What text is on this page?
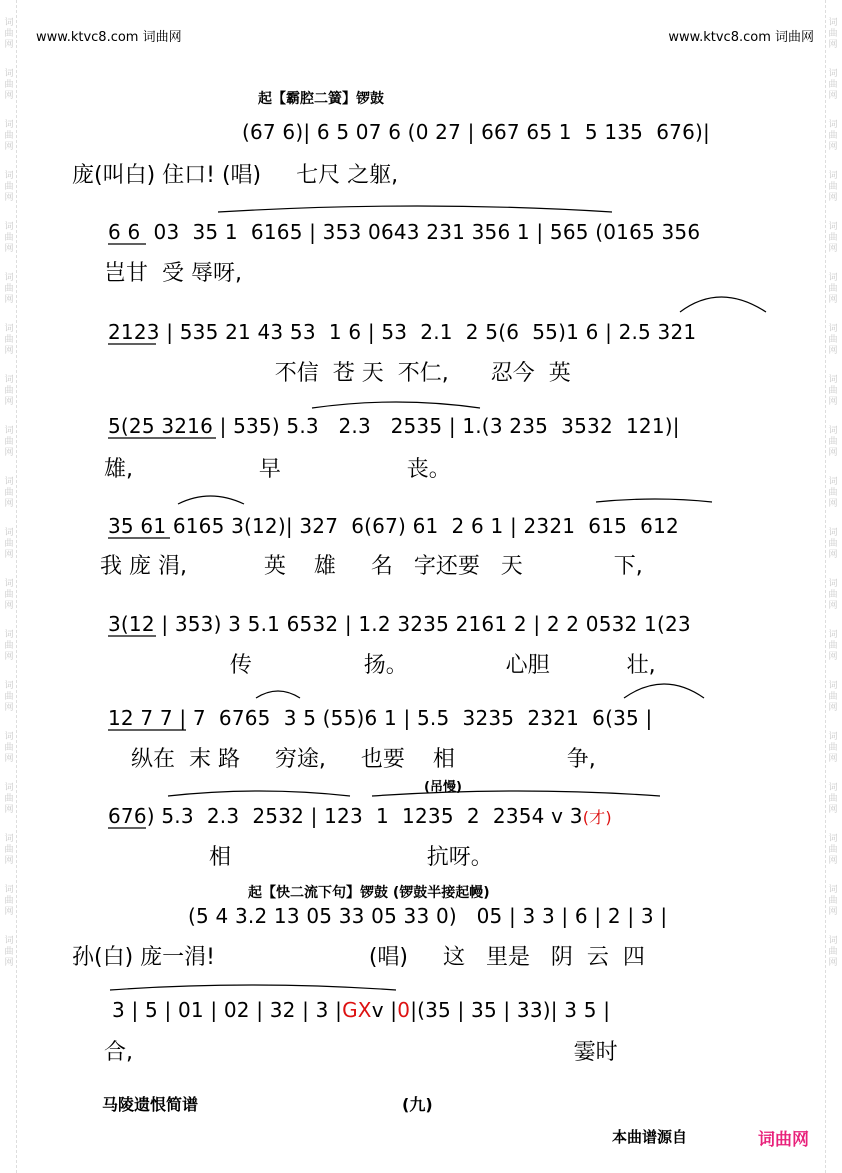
词
曲
网
词
曲
网
词
曲
网
词
曲
网
词
曲
网
词
曲
网
词
曲
网
词
曲
网
词
曲
网
词
曲
网
词
曲
网
词
曲
网
词
曲
网
词
曲
网
词
曲
网
词
曲
网
词
曲
网
词
曲
网
词
曲
网
词
曲
网
词
曲
网
词
曲
网
词
曲
网
词
曲
网
词
曲
网
词
曲
网
词
曲
网
词
曲
网
词
曲
网
词
曲
网
词
曲
网
词
曲
网
词
曲
网
词
曲
网
词
曲
网
词
曲
网
词
曲
网
词
曲
网
www.ktvc8.com 词曲网	www.ktvc8.com 词曲网
起【霸腔二簧】锣鼓
(67 6)| 6 5 07 6 (0 27 | 667 65 1  5 135  676)|
庞(叫白) 住口! (唱)     七尺 之躯,
6 6  03  35 1  6165 | 353 0643 231 356 1 | 565 (0165 356
岂甘  受 辱呀,
2123 | 535 21 43 53  1 6 | 53  2.1  2 5(6  55)1 6 | 2.5 321
不信  苍 天  不仁,      忍今  英
5(25 3216 | 535) 5.3   2.3   2535 | 1.(3 235  3532  121)|
雄,                  早                  丧。
35 61 6165 3(12)| 327  6(67) 61  2 6 1 | 2321  615  612
我 庞 涓,           英    雄     名   字还要   天             下,
3(12 | 353) 3 5.1 6532 | 1.2 3235 2161 2 | 2 2 0532 1(23
传                扬。              心胆           壮,
12 7 7 | 7  6765  3 5 (55)6 1 | 5.5  3235  2321  6(35 |
纵在  末 路     穷途,     也要    相                争,
(吊慢)
676) 5.3  2.3  2532 | 123  1  1235  2  2354 v 3(才)
相                            抗呀。
起【快二流下句】锣鼓 (锣鼓半接起幔)
(5 4 3.2 13 05 33 05 33 0)   05 | 3 3 | 6 | 2 | 3 |
孙(白) 庞一涓!                      (唱)     这   里是   阴  云  四
3 | 5 | 01 | 02 | 32 | 3 |GXv |0|(35 | 35 | 33)| 3 5 |
合,                                                               霎时
马陵遗恨简谱	(九)
本曲谱源自	词曲网
